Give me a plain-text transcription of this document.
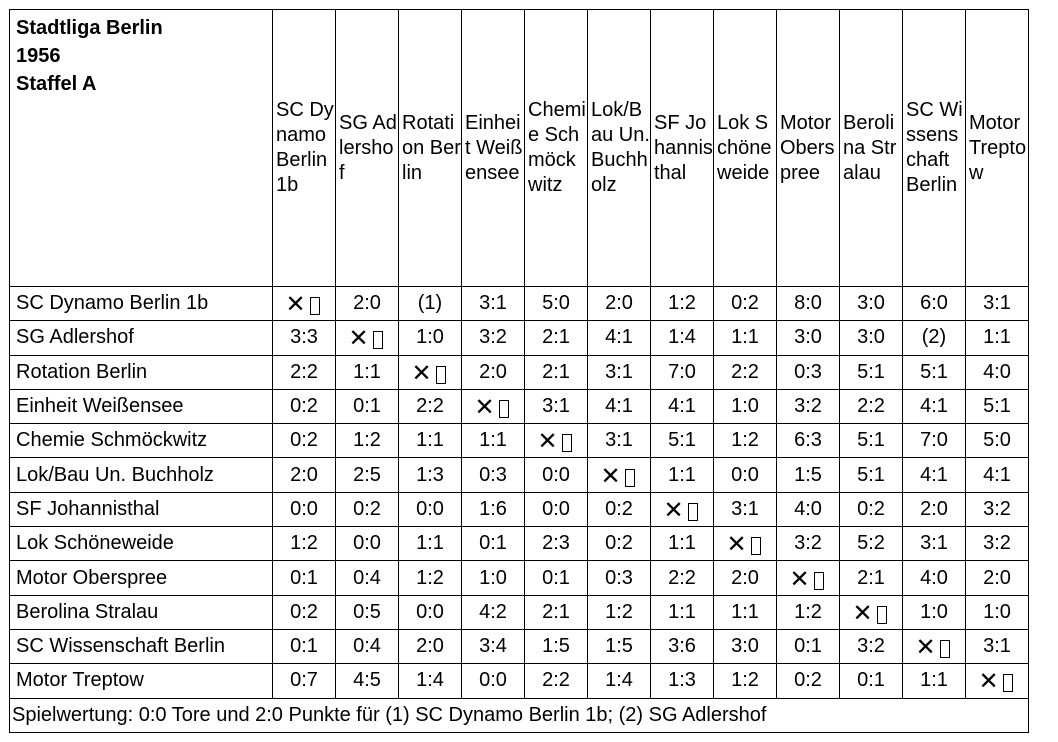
Stadtliga Berlin
1956
Staffel A	SC Dynamo Berlin 1b	SG Adlershof	Rotation Berlin	Einheit Weißensee	Chemie Schmöckwitz	Lok/Bau Un. Buchholz	SF Johannisthal	Lok Schöneweide	Motor Oberspree	Berolina Stralau	SC Wissenschaft Berlin	Motor Treptow
SC Dynamo Berlin 1b	✕	2:0	(1)	3:1	5:0	2:0	1:2	0:2	8:0	3:0	6:0	3:1
SG Adlershof	3:3	✕	1:0	3:2	2:1	4:1	1:4	1:1	3:0	3:0	(2)	1:1
Rotation Berlin	2:2	1:1	✕	2:0	2:1	3:1	7:0	2:2	0:3	5:1	5:1	4:0
Einheit Weißensee	0:2	0:1	2:2	✕	3:1	4:1	4:1	1:0	3:2	2:2	4:1	5:1
Chemie Schmöckwitz	0:2	1:2	1:1	1:1	✕	3:1	5:1	1:2	6:3	5:1	7:0	5:0
Lok/Bau Un. Buchholz	2:0	2:5	1:3	0:3	0:0	✕	1:1	0:0	1:5	5:1	4:1	4:1
SF Johannisthal	0:0	0:2	0:0	1:6	0:0	0:2	✕	3:1	4:0	0:2	2:0	3:2
Lok Schöneweide	1:2	0:0	1:1	0:1	2:3	0:2	1:1	✕	3:2	5:2	3:1	3:2
Motor Oberspree	0:1	0:4	1:2	1:0	0:1	0:3	2:2	2:0	✕	2:1	4:0	2:0
Berolina Stralau	0:2	0:5	0:0	4:2	2:1	1:2	1:1	1:1	1:2	✕	1:0	1:0
SC Wissenschaft Berlin	0:1	0:4	2:0	3:4	1:5	1:5	3:6	3:0	0:1	3:2	✕	3:1
Motor Treptow	0:7	4:5	1:4	0:0	2:2	1:4	1:3	1:2	0:2	0:1	1:1	✕
Spielwertung: 0:0 Tore und 2:0 Punkte für (1) SC Dynamo Berlin 1b; (2) SG Adlershof												
